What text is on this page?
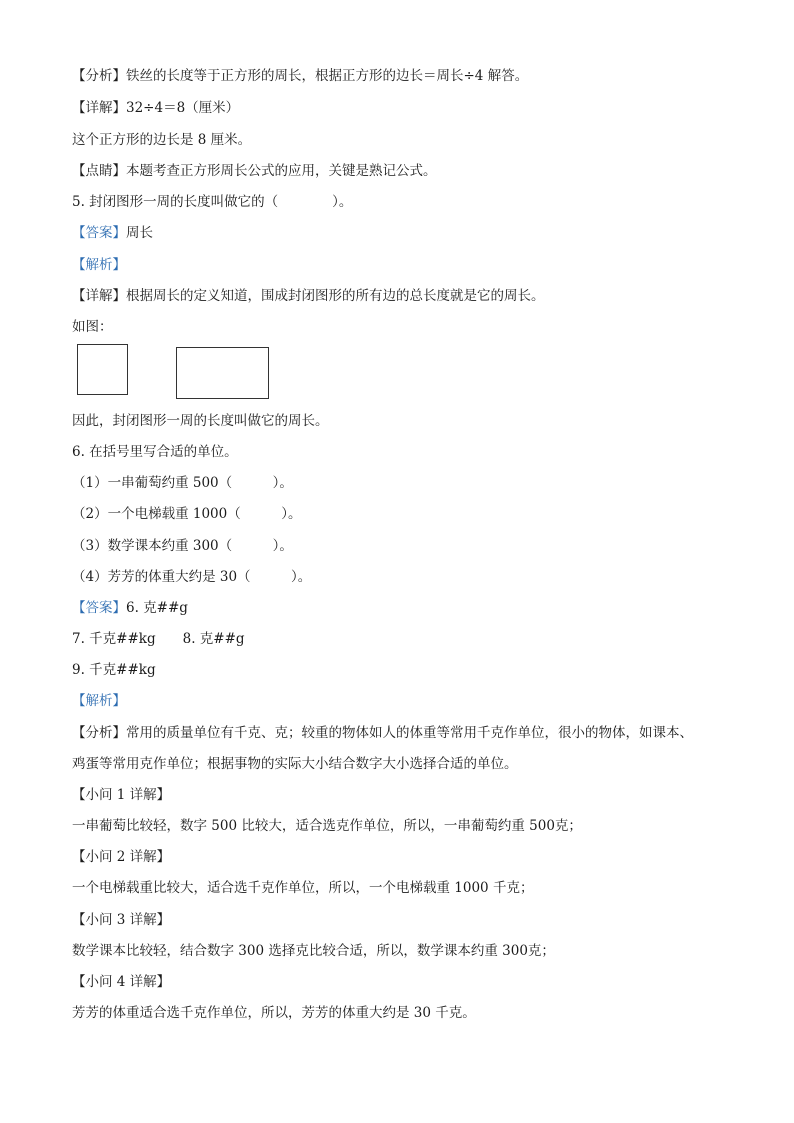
【分析】铁丝的长度等于正方形的周长，根据正方形的边长＝周长÷4 解答。
【详解】32÷4＝8（厘米）
这个正方形的边长是 8 厘米。
【点睛】本题考查正方形周长公式的应用，关键是熟记公式。
5. 封闭图形一周的长度叫做它的（　　　　）。
【答案】周长
【解析】
【详解】根据周长的定义知道，围成封闭图形的所有边的总长度就是它的周长。
如图：
因此，封闭图形一周的长度叫做它的周长。
6. 在括号里写合适的单位。
（1）一串葡萄约重 500（　　　）。
（2）一个电梯载重 1000（　　　）。
（3）数学课本约重 300（　　　）。
（4）芳芳的体重大约是 30（　　　）。
【答案】6. 克##g
7. 千克##kg　　8. 克##g
9. 千克##kg
【解析】
【分析】常用的质量单位有千克、克；较重的物体如人的体重等常用千克作单位，很小的物体，如课本、
鸡蛋等常用克作单位；根据事物的实际大小结合数字大小选择合适的单位。
【小问 1 详解】
一串葡萄比较轻，数字 500 比较大，适合选克作单位，所以，一串葡萄约重 500克；
【小问 2 详解】
一个电梯载重比较大，适合选千克作单位，所以，一个电梯载重 1000 千克；
【小问 3 详解】
数学课本比较轻，结合数字 300 选择克比较合适，所以，数学课本约重 300克；
【小问 4 详解】
芳芳的体重适合选千克作单位，所以，芳芳的体重大约是 30 千克。
